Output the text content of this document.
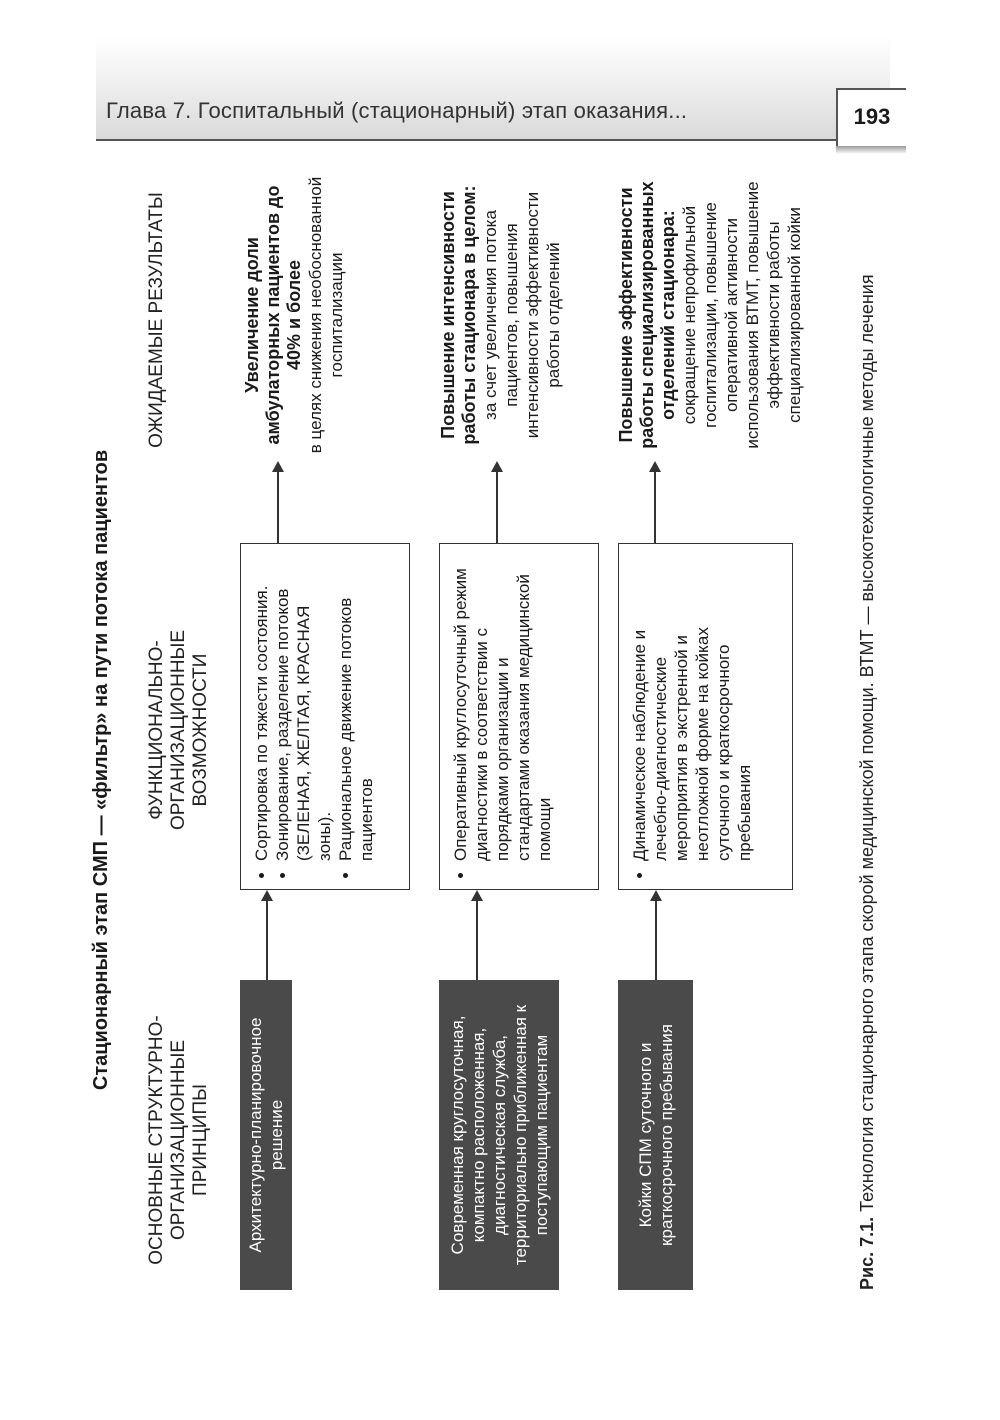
Глава 7. Госпитальный (стационарный) этап оказания...	193
Стационарный этап СМП — «фильтр» на пути потока пациентов
ОСНОВНЫЕ СТРУКТУРНО-ОРГАНИЗАЦИОННЫЕ ПРИНЦИПЫ
ФУНКЦИОНАЛЬНО-ОРГАНИЗАЦИОННЫЕ ВОЗМОЖНОСТИ
ОЖИДАЕМЫЕ РЕЗУЛЬТАТЫ
Архитектурно-планировочное решение
• Сортировка по тяжести состояния. • Зонирование, разделение потоков (ЗЕЛЕНАЯ, ЖЕЛТАЯ, КРАСНАЯ зоны). • Рациональное движение потоков пациентов
Увеличение доли амбулаторных пациентов до 40% и более в целях снижения необоснованной госпитализации
Современная круглосуточная, компактно расположенная, диагностическая служба, территориально приближенная к поступающим пациентам
• Оперативный круглосуточный режим диагностики в соответствии с порядками организации и стандартами оказания медицинской помощи
Повышение интенсивности работы стационара в целом: за счет увеличения потока пациентов, повышения интенсивности эффективности работы отделений
Койки СПМ суточного и краткосрочного пребывания
• Динамическое наблюдение и лечебно-диагностические мероприятия в экстренной и неотложной форме на койках суточного и краткосрочного пребывания
Повышение эффективности работы специализированных отделений стационара: сокращение непрофильной госпитализации, повышение оперативной активности использования ВТМТ, повышение эффективности работы специализированной койки
Рис. 7.1. Технология стационарного этапа скорой медицинской помощи. ВТМТ — высокотехнологичные методы лечения
